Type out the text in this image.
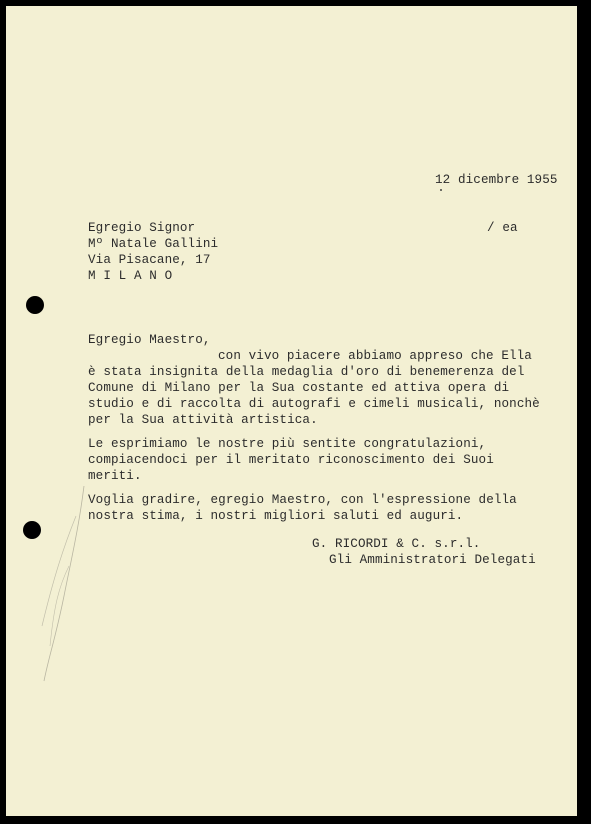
12 dicembre 1955
/ ea
Egregio Signor
Mº Natale Gallini
Via Pisacane, 17
M I L A N O
Egregio Maestro,

con vivo piacere abbiamo appreso che Ella è stata insignita della medaglia d'oro di benemerenza del Comune di Milano per la Sua costante ed attiva opera di studio e di raccolta di autografi e cimeli musicali, nonchè per la Sua attività artistica.

Le esprimiamo le nostre più sentite congratulazioni, compiacendoci per il meritato riconoscimento dei Suoi meriti.

Voglia gradire, egregio Maestro, con l'espressione della nostra stima, i nostri migliori saluti ed auguri.

G. RICORDI & C. s.r.l.
Gli Amministratori Delegati
